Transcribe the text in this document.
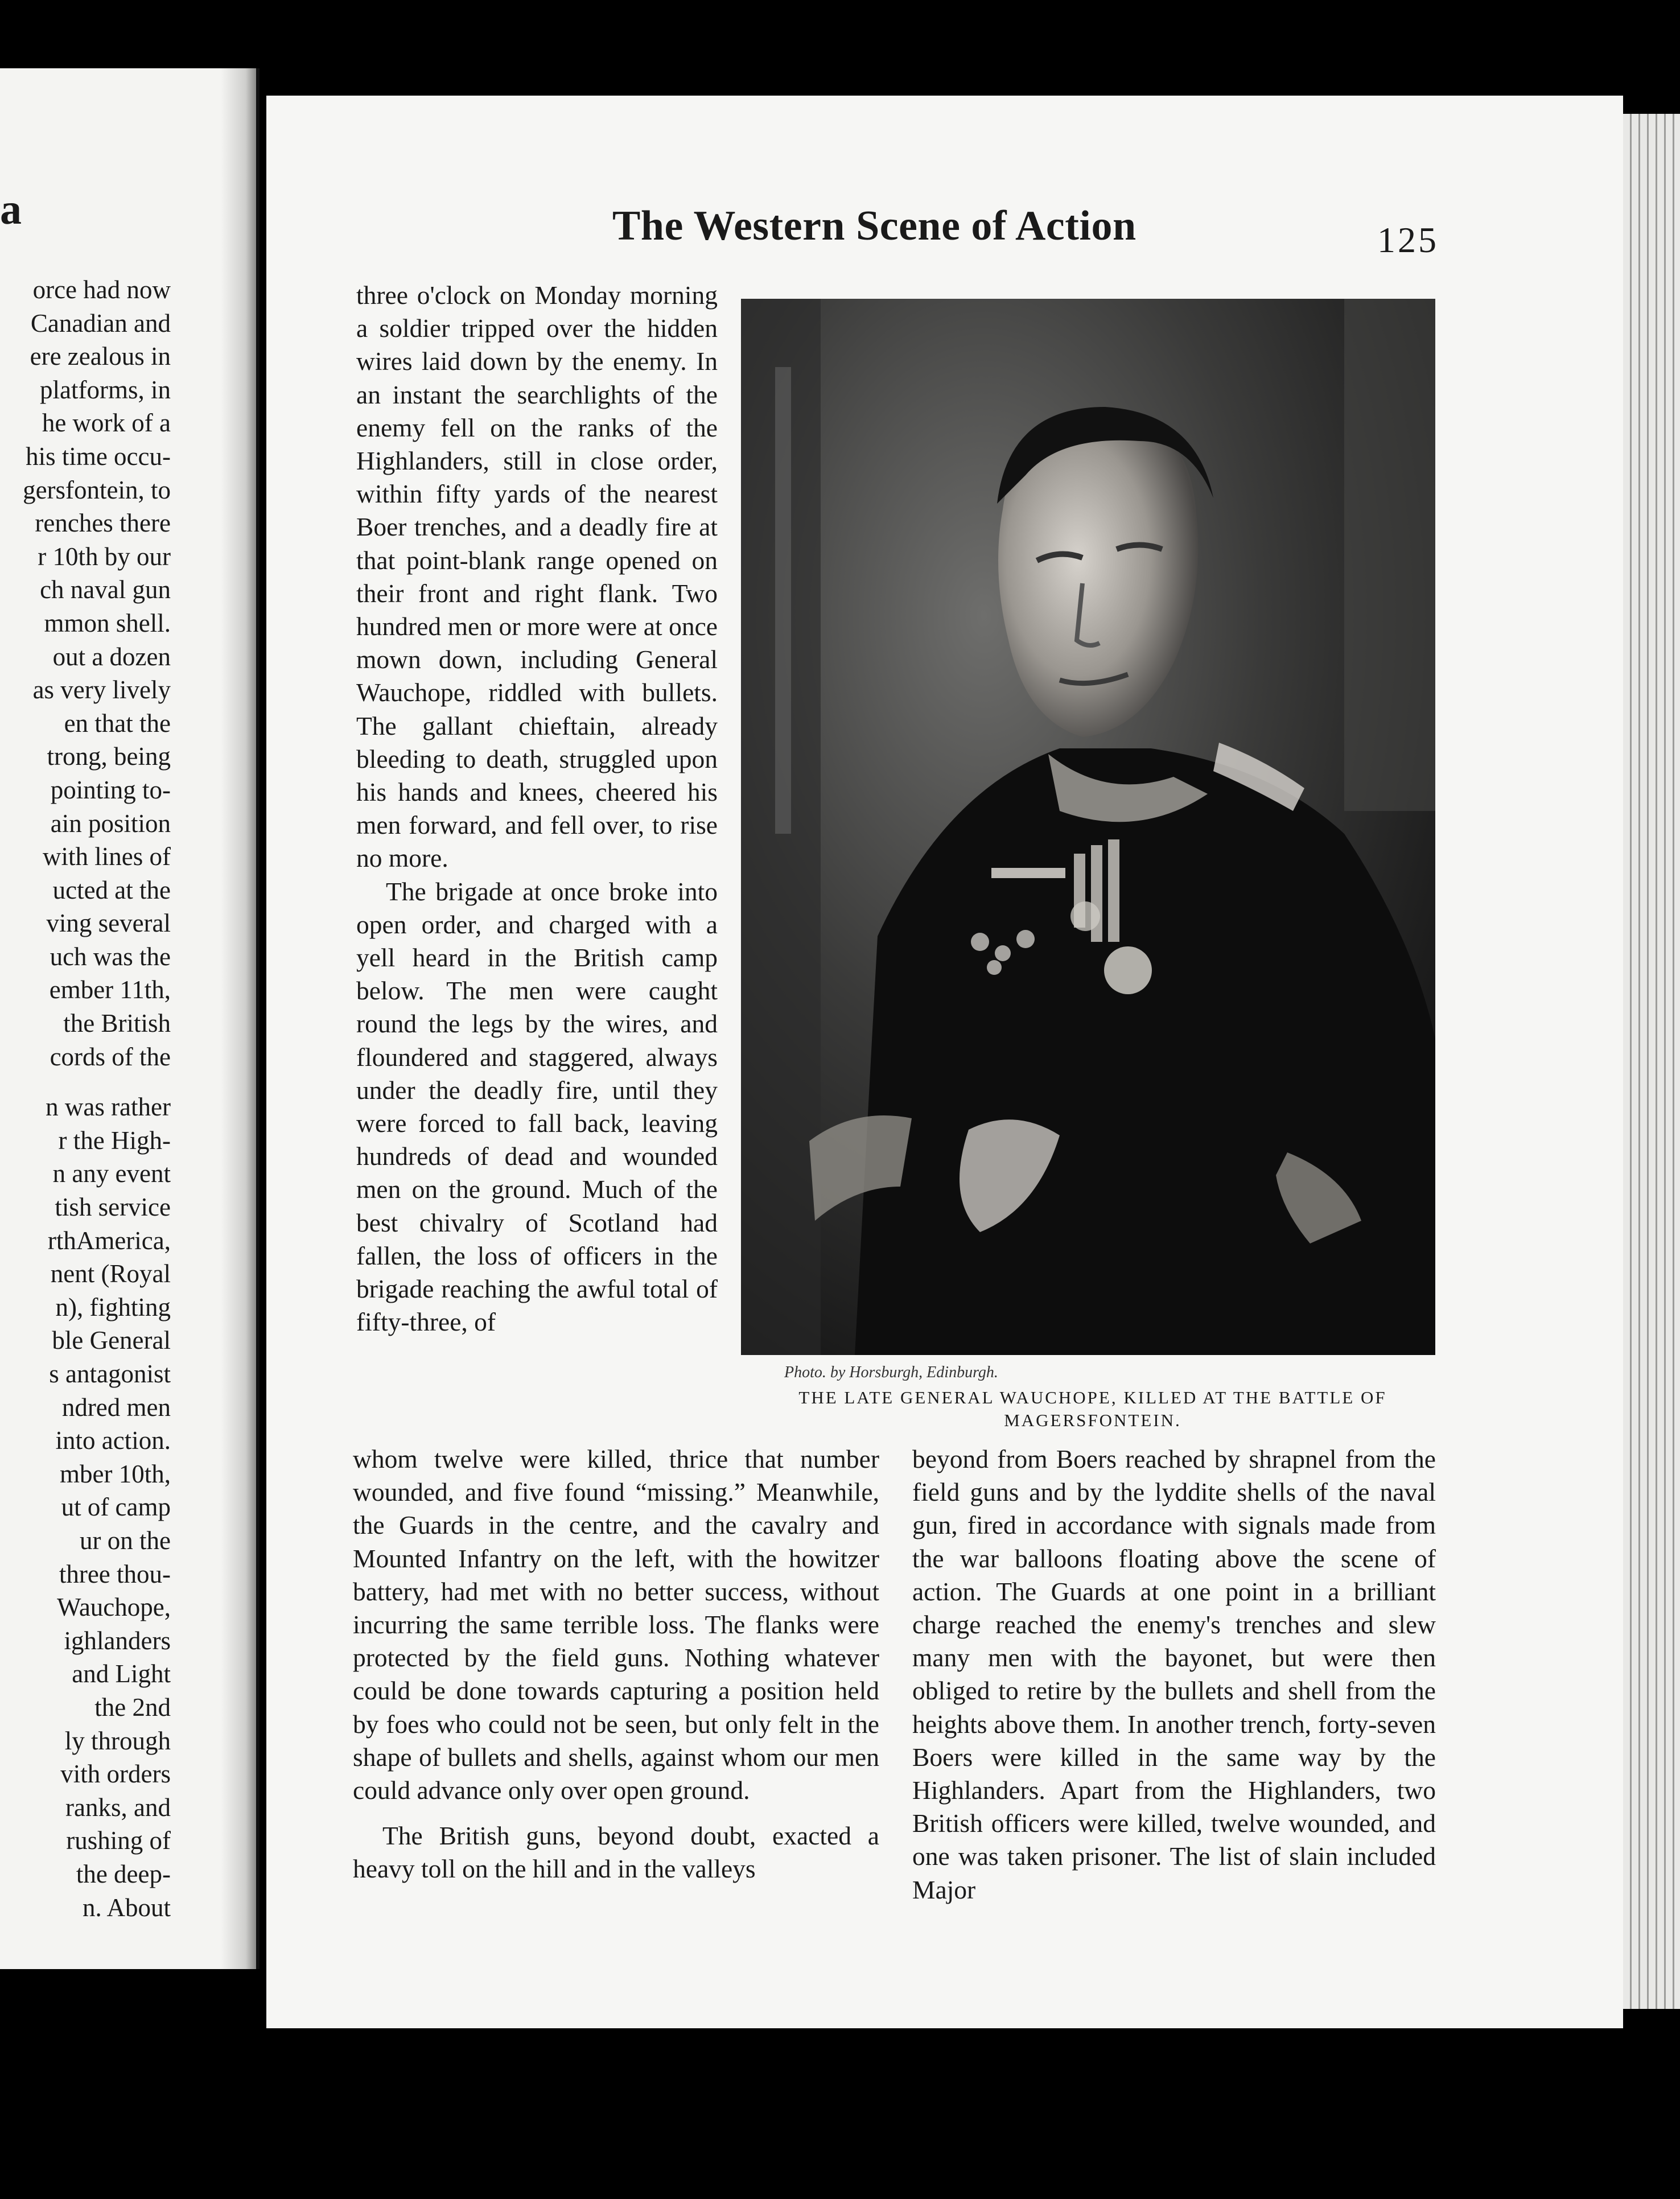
a
orce had now
Canadian and
ere zealous in
platforms, in
he work of a
his time occu-
gersfontein, to
renches there
r 10th by our
ch naval gun
mmon shell.
out a dozen
as very lively
en that the
trong, being
pointing to-
ain position
with lines of
ucted at the
ving several
uch was the
ember 11th,
the British
cords of the
n was rather
r the High-
n any event
tish service
rthAmerica,
nent (Royal
n), fighting
ble General
s antagonist
ndred men
into action.
mber 10th,
ut of camp
ur on the
three thou-
Wauchope,
ighlanders
and Light
the 2nd
ly through
vith orders
ranks, and
rushing of
the deep-
n. About
The Western Scene of Action	125

three o'clock on Monday morning a soldier tripped over the hidden wires laid down by the enemy. In an instant the searchlights of the enemy fell on the ranks of the Highlanders, still in close order, within fifty yards of the nearest Boer trenches, and a deadly fire at that point-blank range opened on their front and right flank. Two hundred men or more were at once mown down, including General Wauchope, riddled with bullets. The gallant chieftain, already bleeding to death, struggled upon his hands and knees, cheered his men forward, and fell over, to rise no more.

The brigade at once broke into open order, and charged with a yell heard in the British camp below. The men were caught round the legs by the wires, and floundered and staggered, always under the deadly fire, until they were forced to fall back, leaving hundreds of dead and wounded men on the ground. Much of the best chivalry of Scotland had fallen, the loss of officers in the brigade reaching the awful total of fifty-three, of

Photo. by Horsburgh, Edinburgh.
THE LATE GENERAL WAUCHOPE, KILLED AT THE BATTLE OF MAGERSFONTEIN.

whom twelve were killed, thrice that number wounded, and five found “missing.” Meanwhile, the Guards in the centre, and the cavalry and Mounted Infantry on the left, with the howitzer battery, had met with no better success, without incurring the same terrible loss. The flanks were protected by the field guns. Nothing whatever could be done towards capturing a position held by foes who could not be seen, but only felt in the shape of bullets and shells, against whom our men could advance only over open ground.

The British guns, beyond doubt, exacted a heavy toll on the hill and in the valleys

beyond from Boers reached by shrapnel from the field guns and by the lyddite shells of the naval gun, fired in accordance with signals made from the war balloons floating above the scene of action. The Guards at one point in a brilliant charge reached the enemy's trenches and slew many men with the bayonet, but were then obliged to retire by the bullets and shell from the heights above them. In another trench, forty-seven Boers were killed in the same way by the Highlanders. Apart from the Highlanders, two British officers were killed, twelve wounded, and one was taken prisoner. The list of slain included Major
